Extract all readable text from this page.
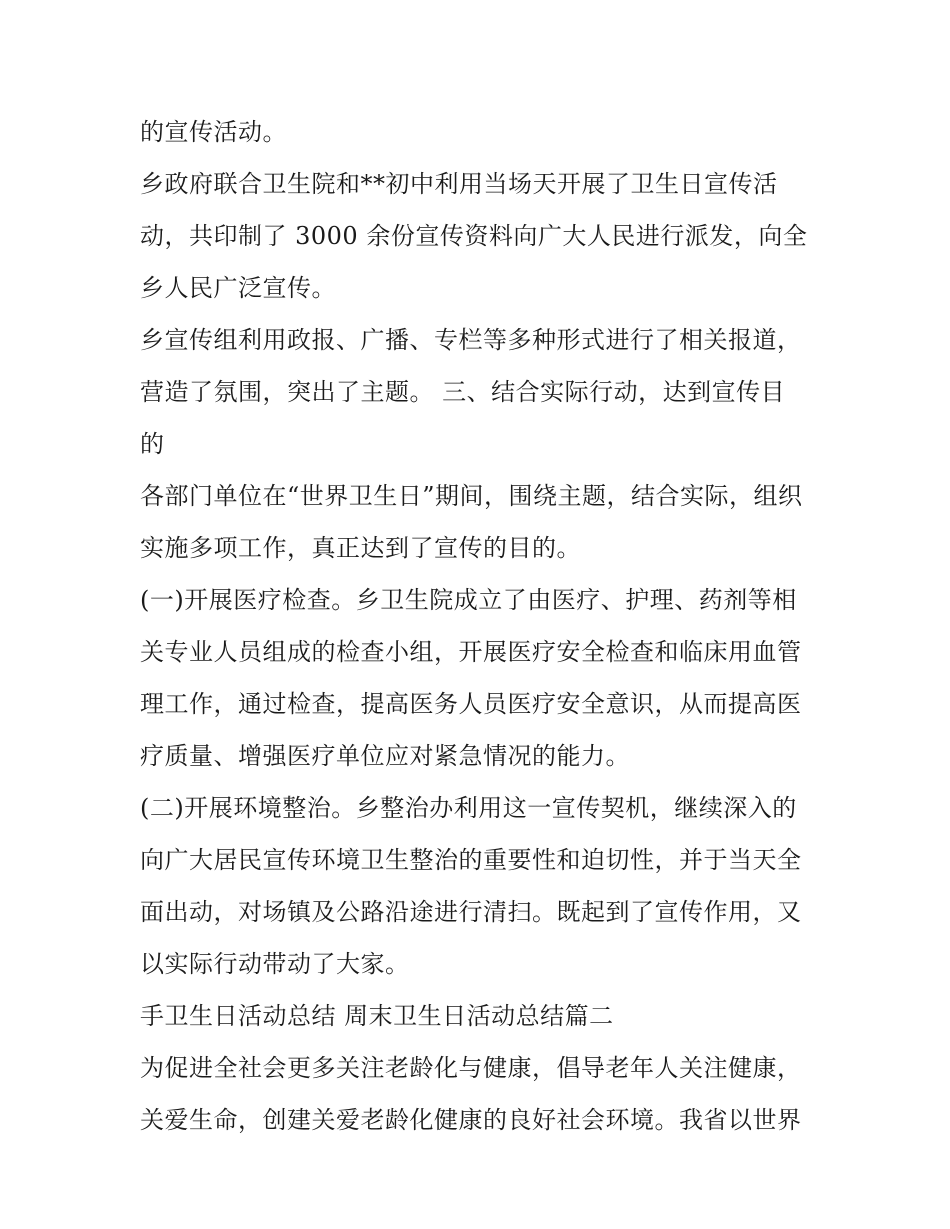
的宣传活动。
乡政府联合卫生院和**初中利用当场天开展了卫生日宣传活
动，共印制了 3000 余份宣传资料向广大人民进行派发，向全
乡人民广泛宣传。
乡宣传组利用政报、广播、专栏等多种形式进行了相关报道，
营造了氛围，突出了主题。 三、结合实际行动，达到宣传目
的
各部门单位在“世界卫生日”期间，围绕主题，结合实际，组织
实施多项工作，真正达到了宣传的目的。
(一)开展医疗检查。乡卫生院成立了由医疗、护理、药剂等相
关专业人员组成的检查小组，开展医疗安全检查和临床用血管
理工作，通过检查，提高医务人员医疗安全意识，从而提高医
疗质量、增强医疗单位应对紧急情况的能力。
(二)开展环境整治。乡整治办利用这一宣传契机，继续深入的
向广大居民宣传环境卫生整治的重要性和迫切性，并于当天全
面出动，对场镇及公路沿途进行清扫。既起到了宣传作用，又
以实际行动带动了大家。
手卫生日活动总结 周末卫生日活动总结篇二
为促进全社会更多关注老龄化与健康，倡导老年人关注健康，
关爱生命，创建关爱老龄化健康的良好社会环境。我省以世界
